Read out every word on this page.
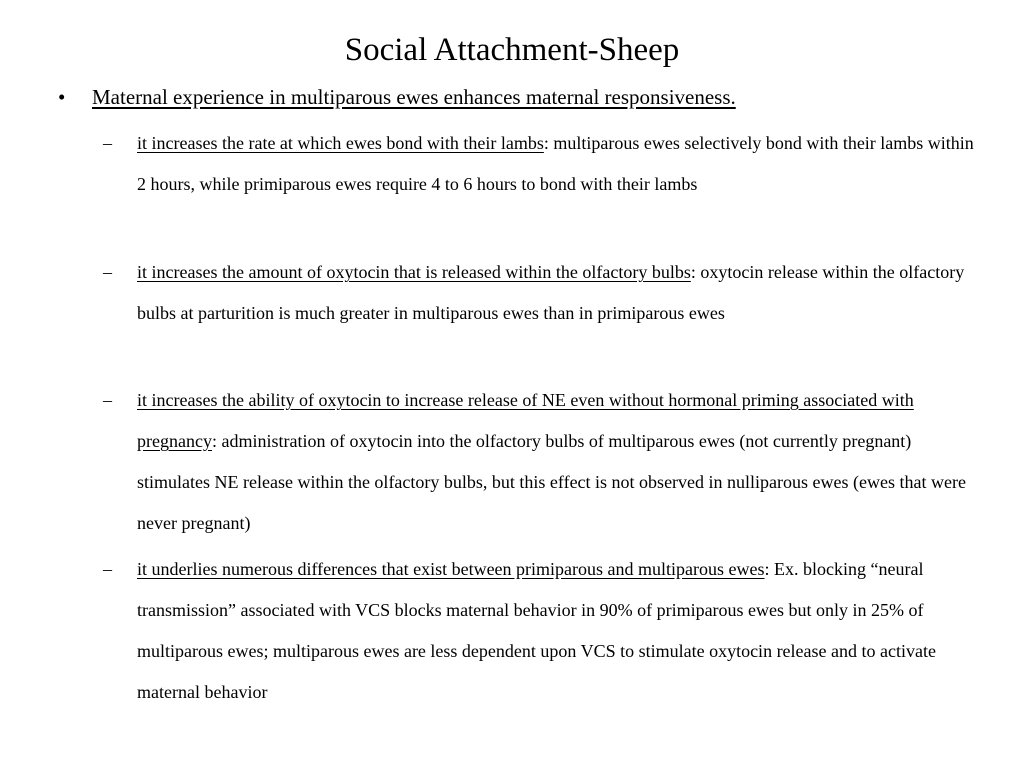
Social Attachment-Sheep
• Maternal experience in multiparous ewes enhances maternal responsiveness.
– it increases the rate at which ewes bond with their lambs: multiparous ewes selectively bond with their lambs within 2 hours, while primiparous ewes require 4 to 6 hours to bond with their lambs
– it increases the amount of oxytocin that is released within the olfactory bulbs: oxytocin release within the olfactory bulbs at parturition is much greater in multiparous ewes than in primiparous ewes
– it increases the ability of oxytocin to increase release of NE even without hormonal priming associated with pregnancy: administration of oxytocin into the olfactory bulbs of multiparous ewes (not currently pregnant) stimulates NE release within the olfactory bulbs, but this effect is not observed in nulliparous ewes (ewes that were never pregnant)
– it underlies numerous differences that exist between primiparous and multiparous ewes: Ex. blocking “neural transmission” associated with VCS blocks maternal behavior in 90% of primiparous ewes but only in 25% of multiparous ewes; multiparous ewes are less dependent upon VCS to stimulate oxytocin release and to activate maternal behavior
